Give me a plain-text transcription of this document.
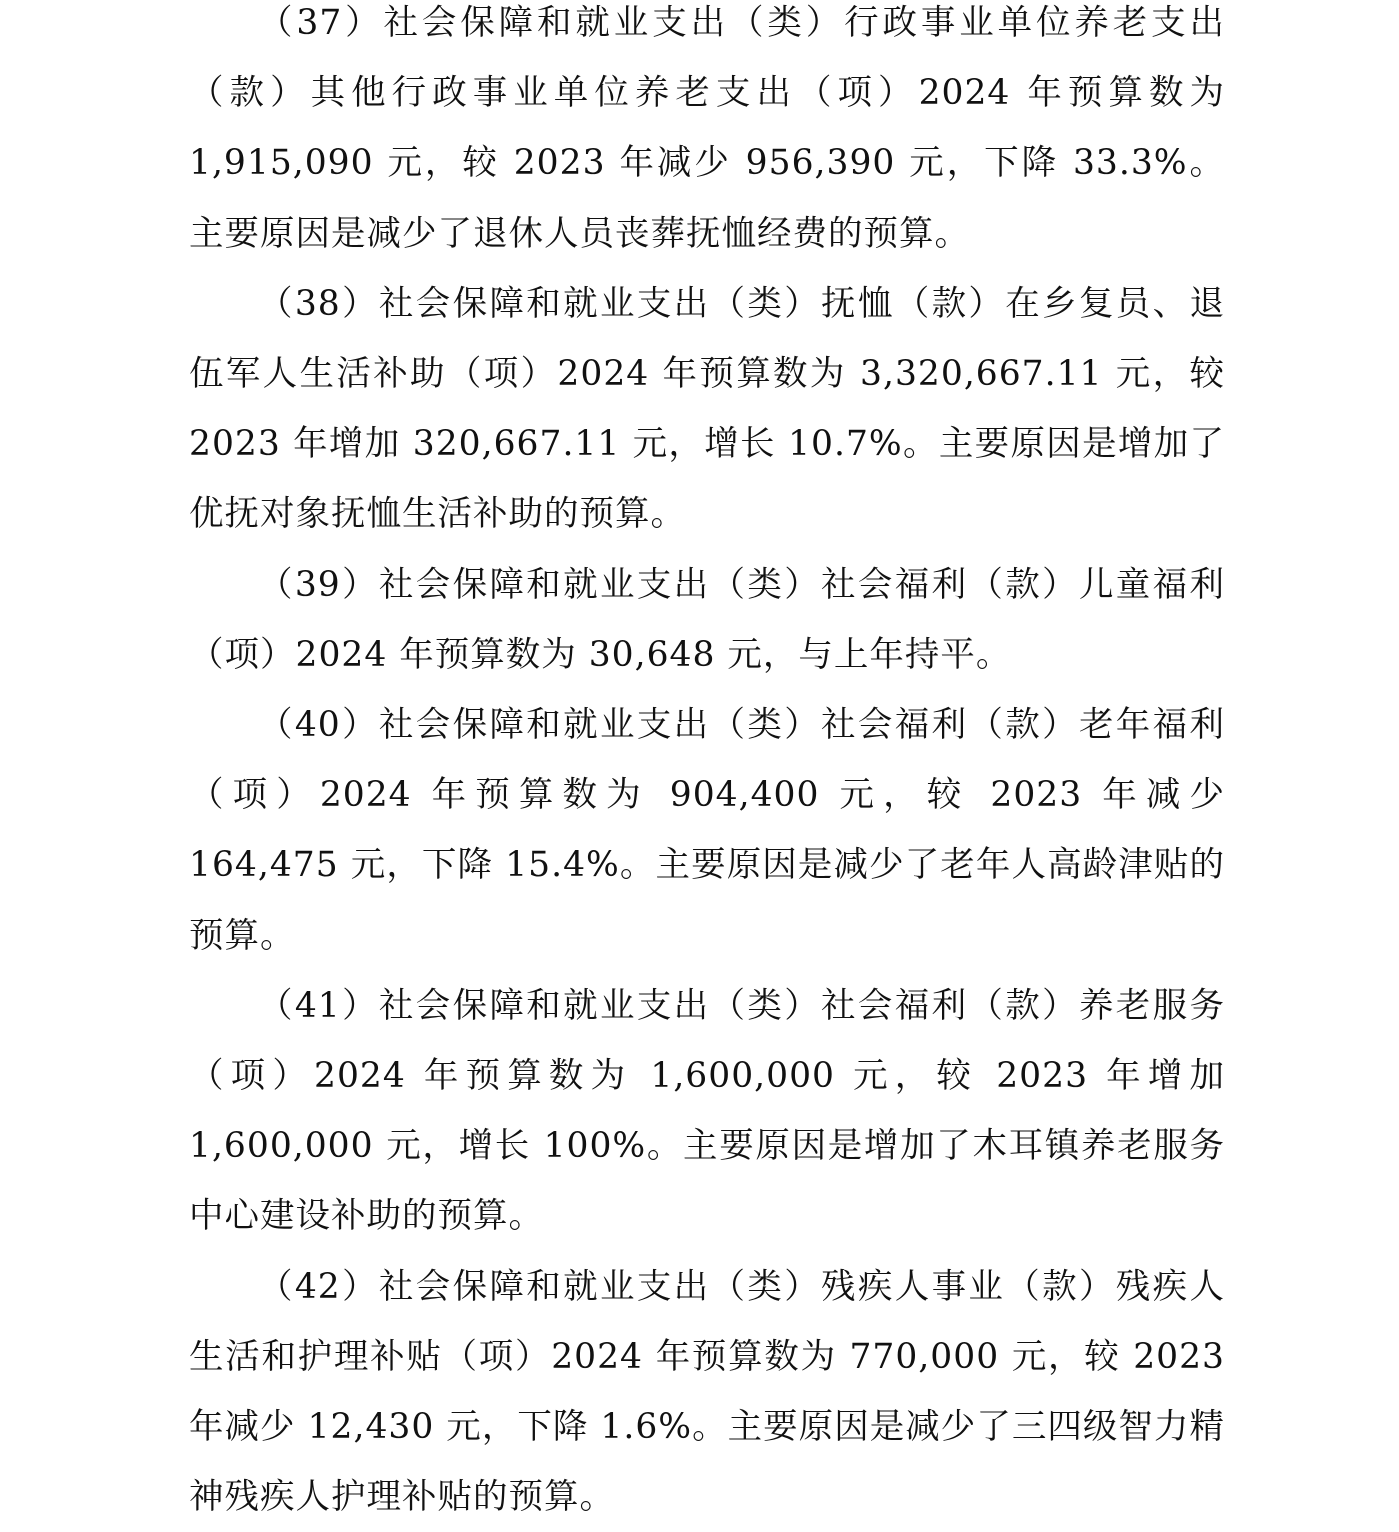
（37）社会保障和就业支出（类）行政事业单位养老支出（款）其他行政事业单位养老支出（项）2024 年预算数为 1,915,090 元，较 2023 年减少 956,390 元，下降 33.3%。主要原因是减少了退休人员丧葬抚恤经费的预算。

（38）社会保障和就业支出（类）抚恤（款）在乡复员、退伍军人生活补助（项）2024 年预算数为 3,320,667.11 元，较 2023 年增加 320,667.11 元，增长 10.7%。主要原因是增加了优抚对象抚恤生活补助的预算。

（39）社会保障和就业支出（类）社会福利（款）儿童福利（项）2024 年预算数为 30,648 元，与上年持平。

（40）社会保障和就业支出（类）社会福利（款）老年福利（项）2024 年预算数为 904,400 元，较 2023 年减少 164,475 元，下降 15.4%。主要原因是减少了老年人高龄津贴的预算。

（41）社会保障和就业支出（类）社会福利（款）养老服务（项）2024 年预算数为 1,600,000 元，较 2023 年增加 1,600,000 元，增长 100%。主要原因是增加了木耳镇养老服务中心建设补助的预算。

（42）社会保障和就业支出（类）残疾人事业（款）残疾人生活和护理补贴（项）2024 年预算数为 770,000 元，较 2023 年减少 12,430 元，下降 1.6%。主要原因是减少了三四级智力精神残疾人护理补贴的预算。
